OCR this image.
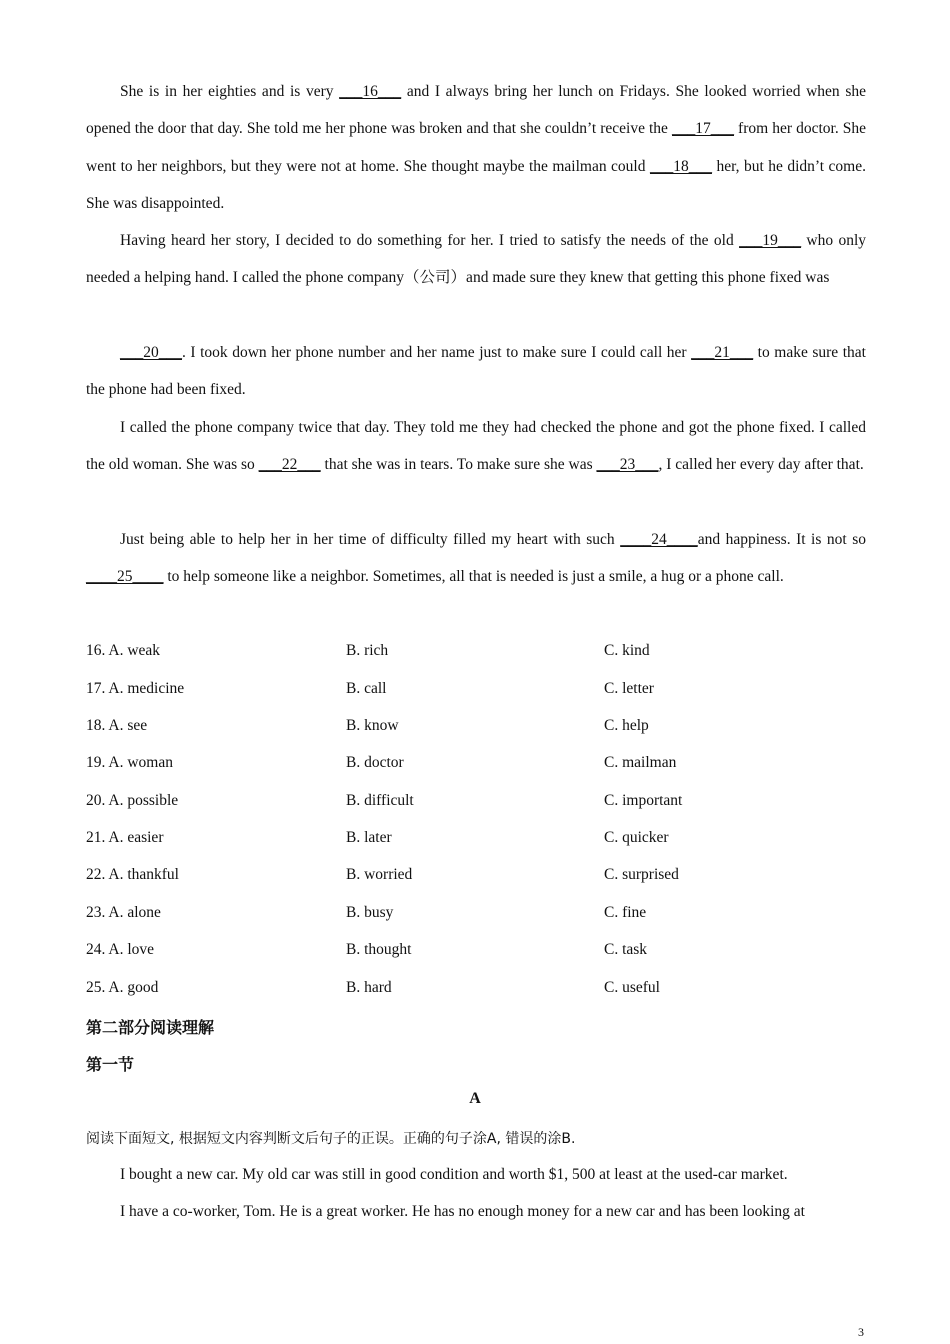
She is in her eighties and is very ___16___ and I always bring her lunch on Fridays. She looked worried when she opened the door that day. She told me her phone was broken and that she couldn’t receive the ___17___ from her doctor. She went to her neighbors, but they were not at home. She thought maybe the mailman could ___18___ her, but he didn’t come. She was disappointed.
Having heard her story, I decided to do something for her. I tried to satisfy the needs of the old ___19___ who only needed a helping hand. I called the phone company（公司）and made sure they knew that getting this phone fixed was
___20___. I took down her phone number and her name just to make sure I could call her ___21___ to make sure that the phone had been fixed.
I called the phone company twice that day. They told me they had checked the phone and got the phone fixed. I called the old woman. She was so ___22___ that she was in tears. To make sure she was ___23___, I called her every day after that.
Just being able to help her in her time of difficulty filled my heart with such ____24____and happiness. It is not so ____25____ to help someone like a neighbor. Sometimes, all that is needed is just a smile, a hug or a phone call.
16. A. weak	B. rich	C. kind
17. A. medicine	B. call	C. letter
18. A. see	B. know	C. help
19. A. woman	B. doctor	C. mailman
20. A. possible	B. difficult	C. important
21. A. easier	B. later	C. quicker
22. A. thankful	B. worried	C. surprised
23. A. alone	B. busy	C. fine
24. A. love	B. thought	C. task
25. A. good	B. hard	C. useful
第二部分阅读理解
第一节
A
阅读下面短文, 根据短文内容判断文后句子的正误。正确的句子涂A, 错误的涂B.
I bought a new car. My old car was still in good condition and worth $1, 500 at least at the used-car market.
I have a co-worker, Tom. He is a great worker. He has no enough money for a new car and has been looking at
3
